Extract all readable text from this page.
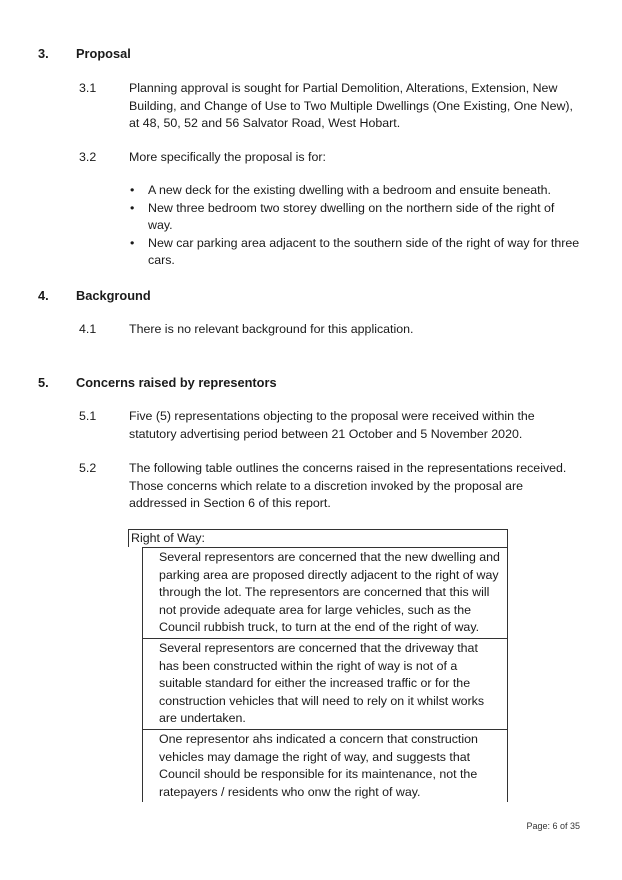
3. Proposal
3.1	Planning approval is sought for Partial Demolition, Alterations, Extension, New Building, and Change of Use to Two Multiple Dwellings (One Existing, One New), at 48, 50, 52 and 56 Salvator Road, West Hobart.
3.2	More specifically the proposal is for:
• A new deck for the existing dwelling with a bedroom and ensuite beneath.
• New three bedroom two storey dwelling on the northern side of the right of way.
• New car parking area adjacent to the southern side of the right of way for three cars.
4. Background
4.1	There is no relevant background for this application.
5. Concerns raised by representors
5.1	Five (5) representations objecting to the proposal were received within the statutory advertising period between 21 October and 5 November 2020.
5.2	The following table outlines the concerns raised in the representations received. Those concerns which relate to a discretion invoked by the proposal are addressed in Section 6 of this report.
Right of Way:
Several representors are concerned that the new dwelling and parking area are proposed directly adjacent to the right of way through the lot. The representors are concerned that this will not provide adequate area for large vehicles, such as the Council rubbish truck, to turn at the end of the right of way.
Several representors are concerned that the driveway that has been constructed within the right of way is not of a suitable standard for either the increased traffic or for the construction vehicles that will need to rely on it whilst works are undertaken.
One representor ahs indicated a concern that construction vehicles may damage the right of way, and suggests that Council should be responsible for its maintenance, not the ratepayers / residents who onw the right of way.
Page: 6 of 35
